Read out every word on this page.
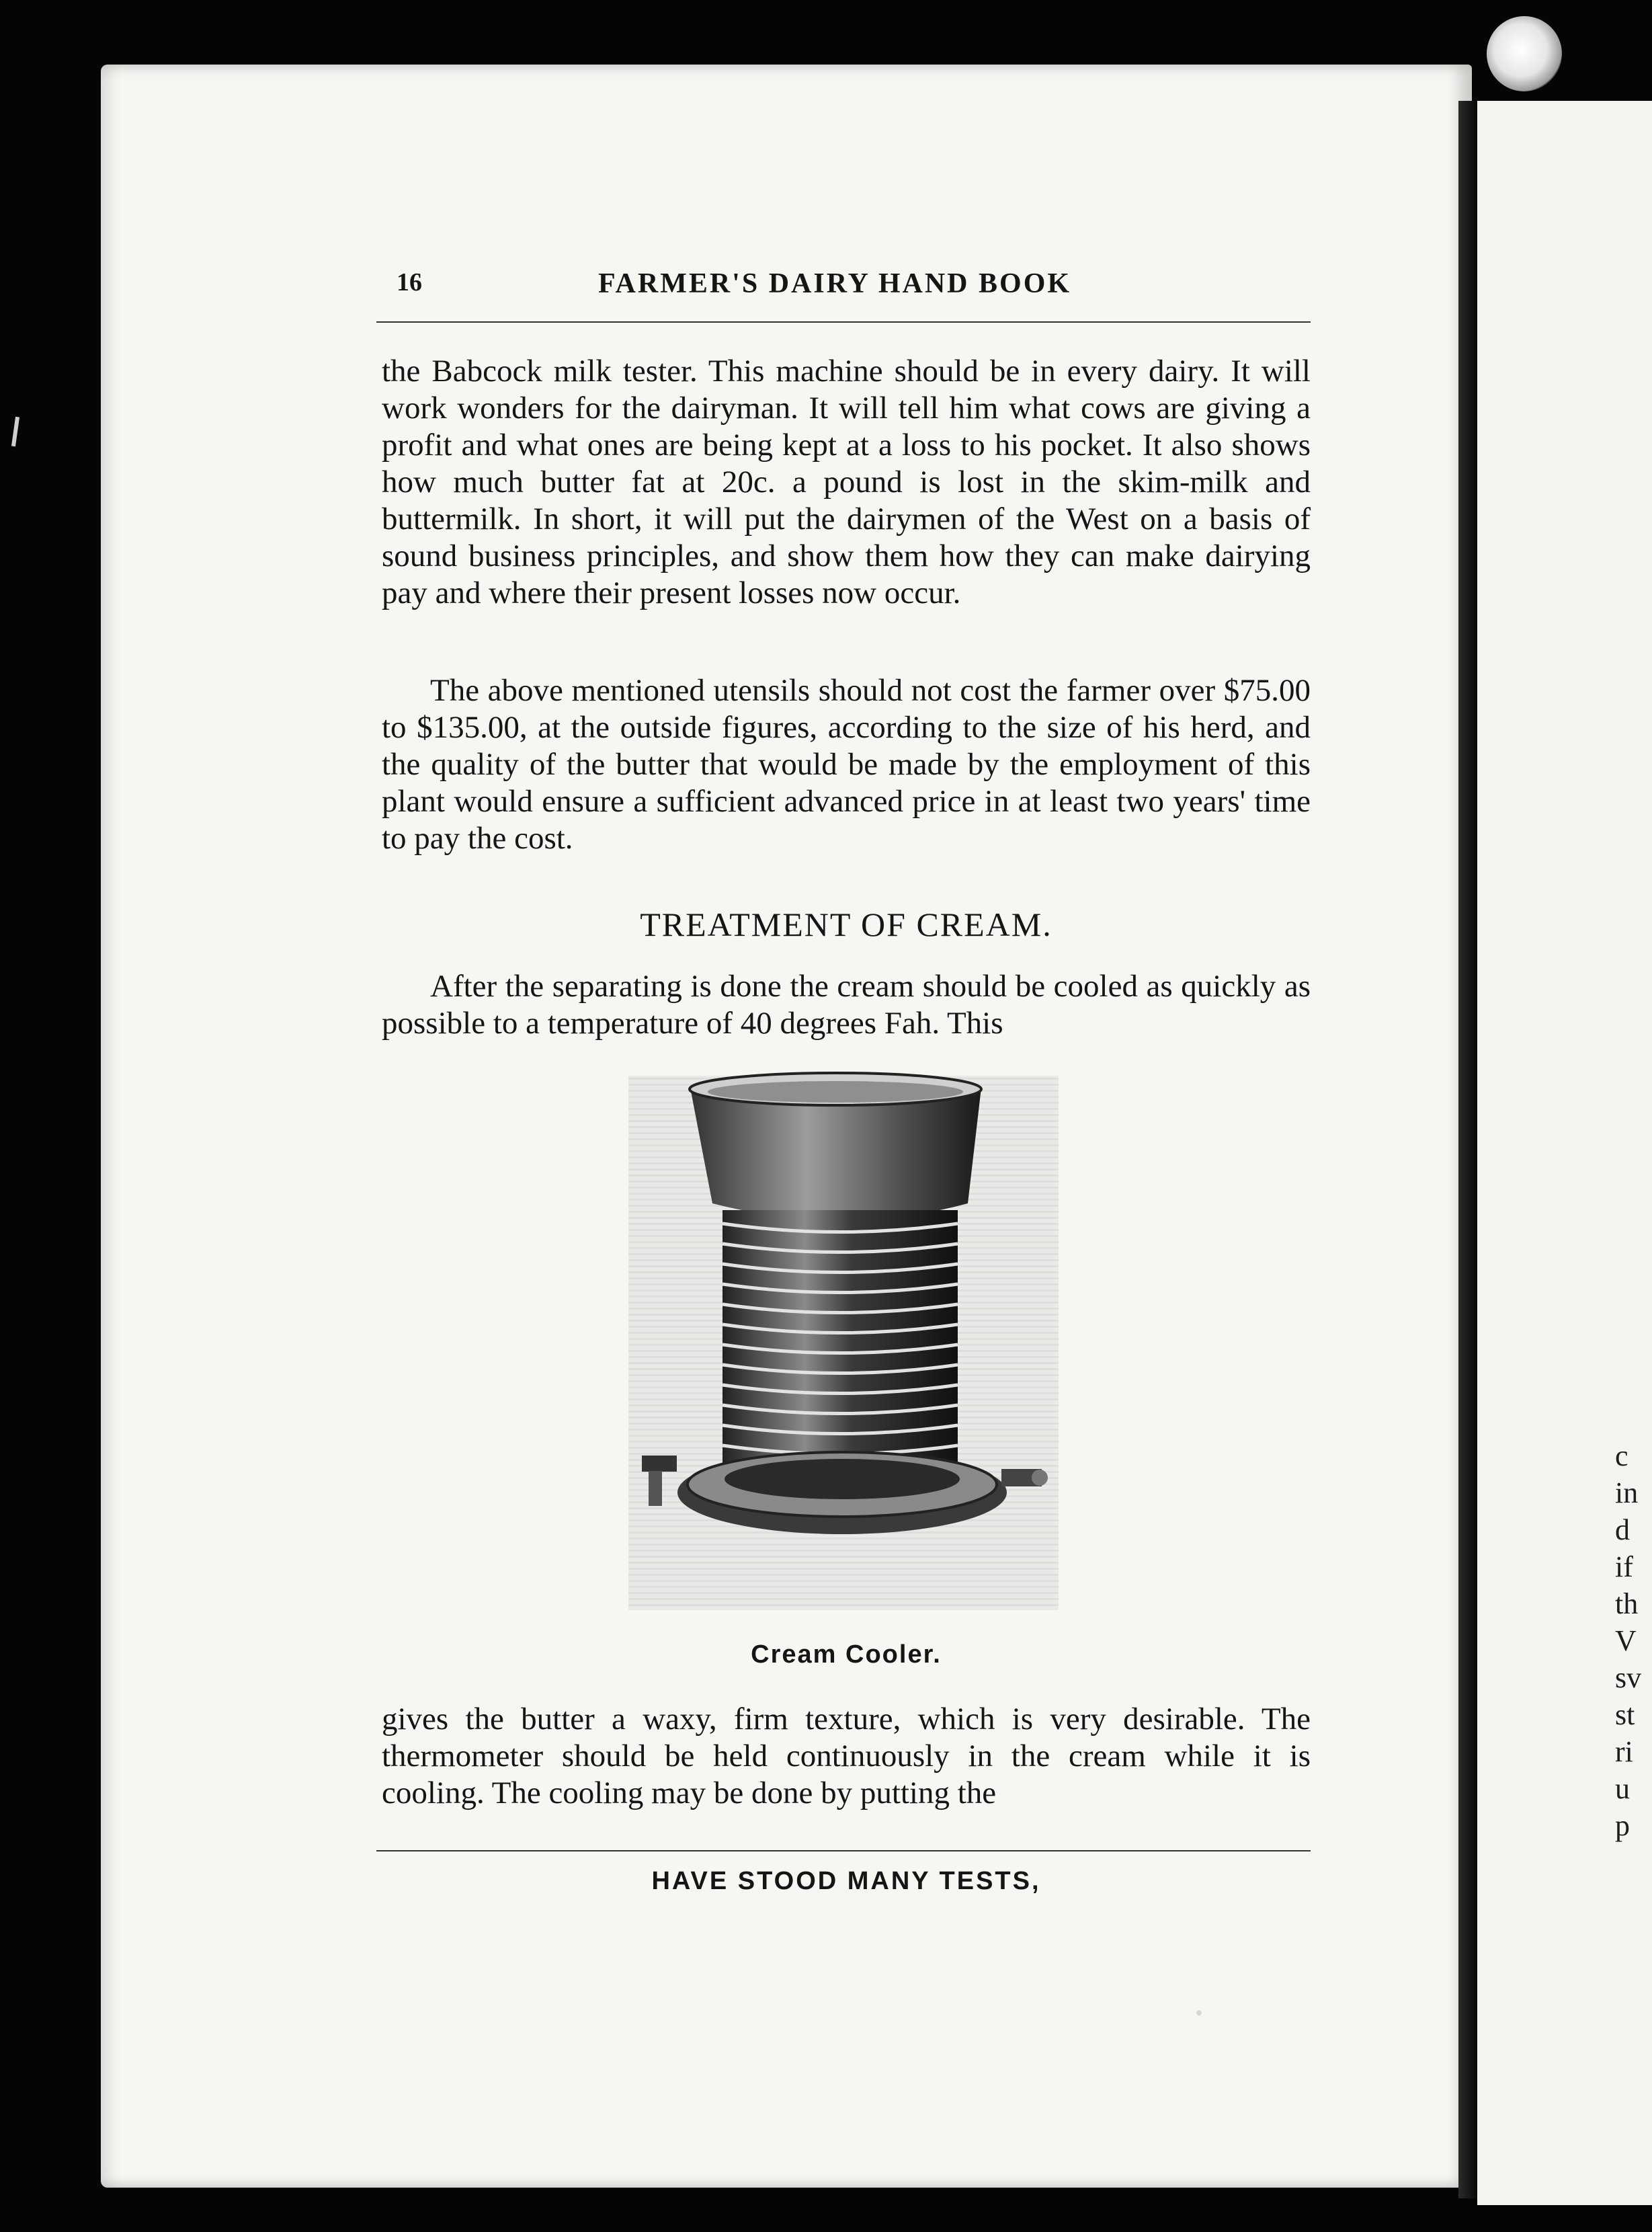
c
in
d
if
th
V
sv
st
ri
u
p
16	FARMER'S DAIRY HAND BOOK
the Babcock milk tester. This machine should be in every dairy. It will work wonders for the dairyman. It will tell him what cows are giving a profit and what ones are being kept at a loss to his pocket. It also shows how much butter fat at 20c. a pound is lost in the skim-milk and buttermilk. In short, it will put the dairymen of the West on a basis of sound business principles, and show them how they can make dairying pay and where their present losses now occur.
The above mentioned utensils should not cost the farmer over $75.00 to $135.00, at the outside figures, according to the size of his herd, and the quality of the butter that would be made by the employment of this plant would ensure a sufficient advanced price in at least two years' time to pay the cost.
TREATMENT OF CREAM.
After the separating is done the cream should be cooled as quickly as possible to a temperature of 40 degrees Fah. This
Cream Cooler.
gives the butter a waxy, firm texture, which is very desirable. The thermometer should be held continuously in the cream while it is cooling. The cooling may be done by putting the
HAVE STOOD MANY TESTS,
